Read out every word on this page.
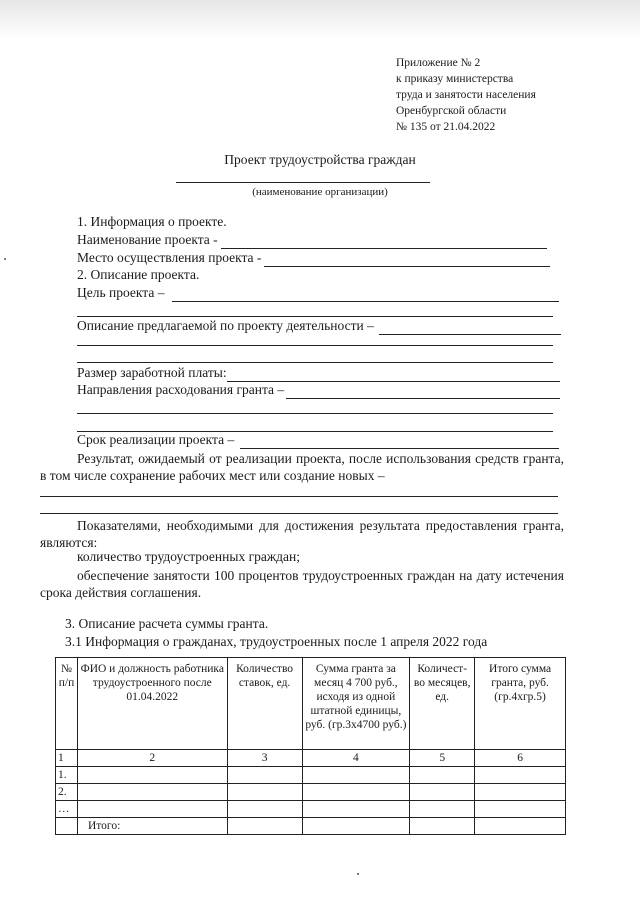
Приложение № 2
к приказу министерства
труда и занятости населения
Оренбургской области
№ 135 от 21.04.2022
Проект трудоустройства граждан
(наименование организации)
1. Информация о проекте.
Наименование проекта -
Место осуществления проекта -
2. Описание проекта.
Цель проекта –
Описание предлагаемой по проекту деятельности –
Размер заработной платы:
Направления расходования гранта –
Срок реализации проекта –
Результат, ожидаемый от реализации проекта, после использования средств гранта, в том числе сохранение рабочих мест или создание новых –
Показателями, необходимыми для достижения результата предоставления гранта, являются:
количество трудоустроенных граждан;
обеспечение занятости 100 процентов трудоустроенных граждан на дату истечения срока действия соглашения.
3. Описание расчета суммы гранта.
3.1 Информация о гражданах, трудоустроенных после 1 апреля 2022 года
№ п/п	ФИО и должность работника трудоустроенного после 01.04.2022	Количество ставок, ед.	Сумма гранта за месяц 4 700 руб., исходя из одной штатной единицы, руб. (гр.3х4700 руб.)	Количест-во месяцев, ед.	Итого сумма гранта, руб. (гр.4хгр.5)
1	2	3	4	5	6
1.					
2.					
…					
	Итого:				
